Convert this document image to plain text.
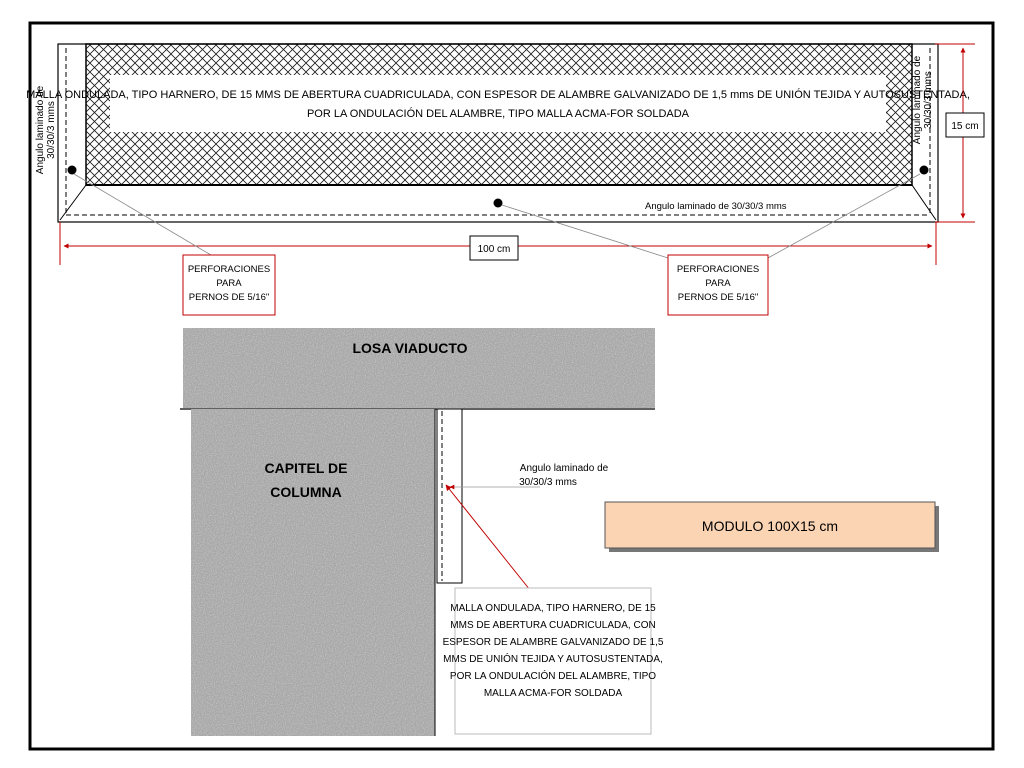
MALLA ONDULADA, TIPO HARNERO, DE 15 MMS DE ABERTURA CUADRICULADA, CON ESPESOR DE ALAMBRE GALVANIZADO DE 1,5 mms DE UNIÓN TEJIDA Y AUTOSUSTENTADA,
POR LA ONDULACIÓN DEL ALAMBRE, TIPO MALLA ACMA-FOR SOLDADA
Angulo laminado de 30/30/3 mms
Angulo laminado de 30/30/3 mms	Angulo laminado de 30/30/3 mms 15 cm
100 cm
PERFORACIONES
PARA
PERNOS DE 5/16"
PERFORACIONES
PARA
PERNOS DE 5/16"
LOSA VIADUCTO
CAPITEL DE
COLUMNA
Angulo laminado de
30/30/3 mms
MALLA ONDULADA, TIPO HARNERO, DE 15
MMS DE ABERTURA CUADRICULADA, CON
ESPESOR DE ALAMBRE GALVANIZADO DE 1,5
MMS DE UNIÓN TEJIDA Y AUTOSUSTENTADA,
POR LA ONDULACIÓN DEL ALAMBRE, TIPO
MALLA ACMA-FOR SOLDADA
MODULO 100X15 cm
